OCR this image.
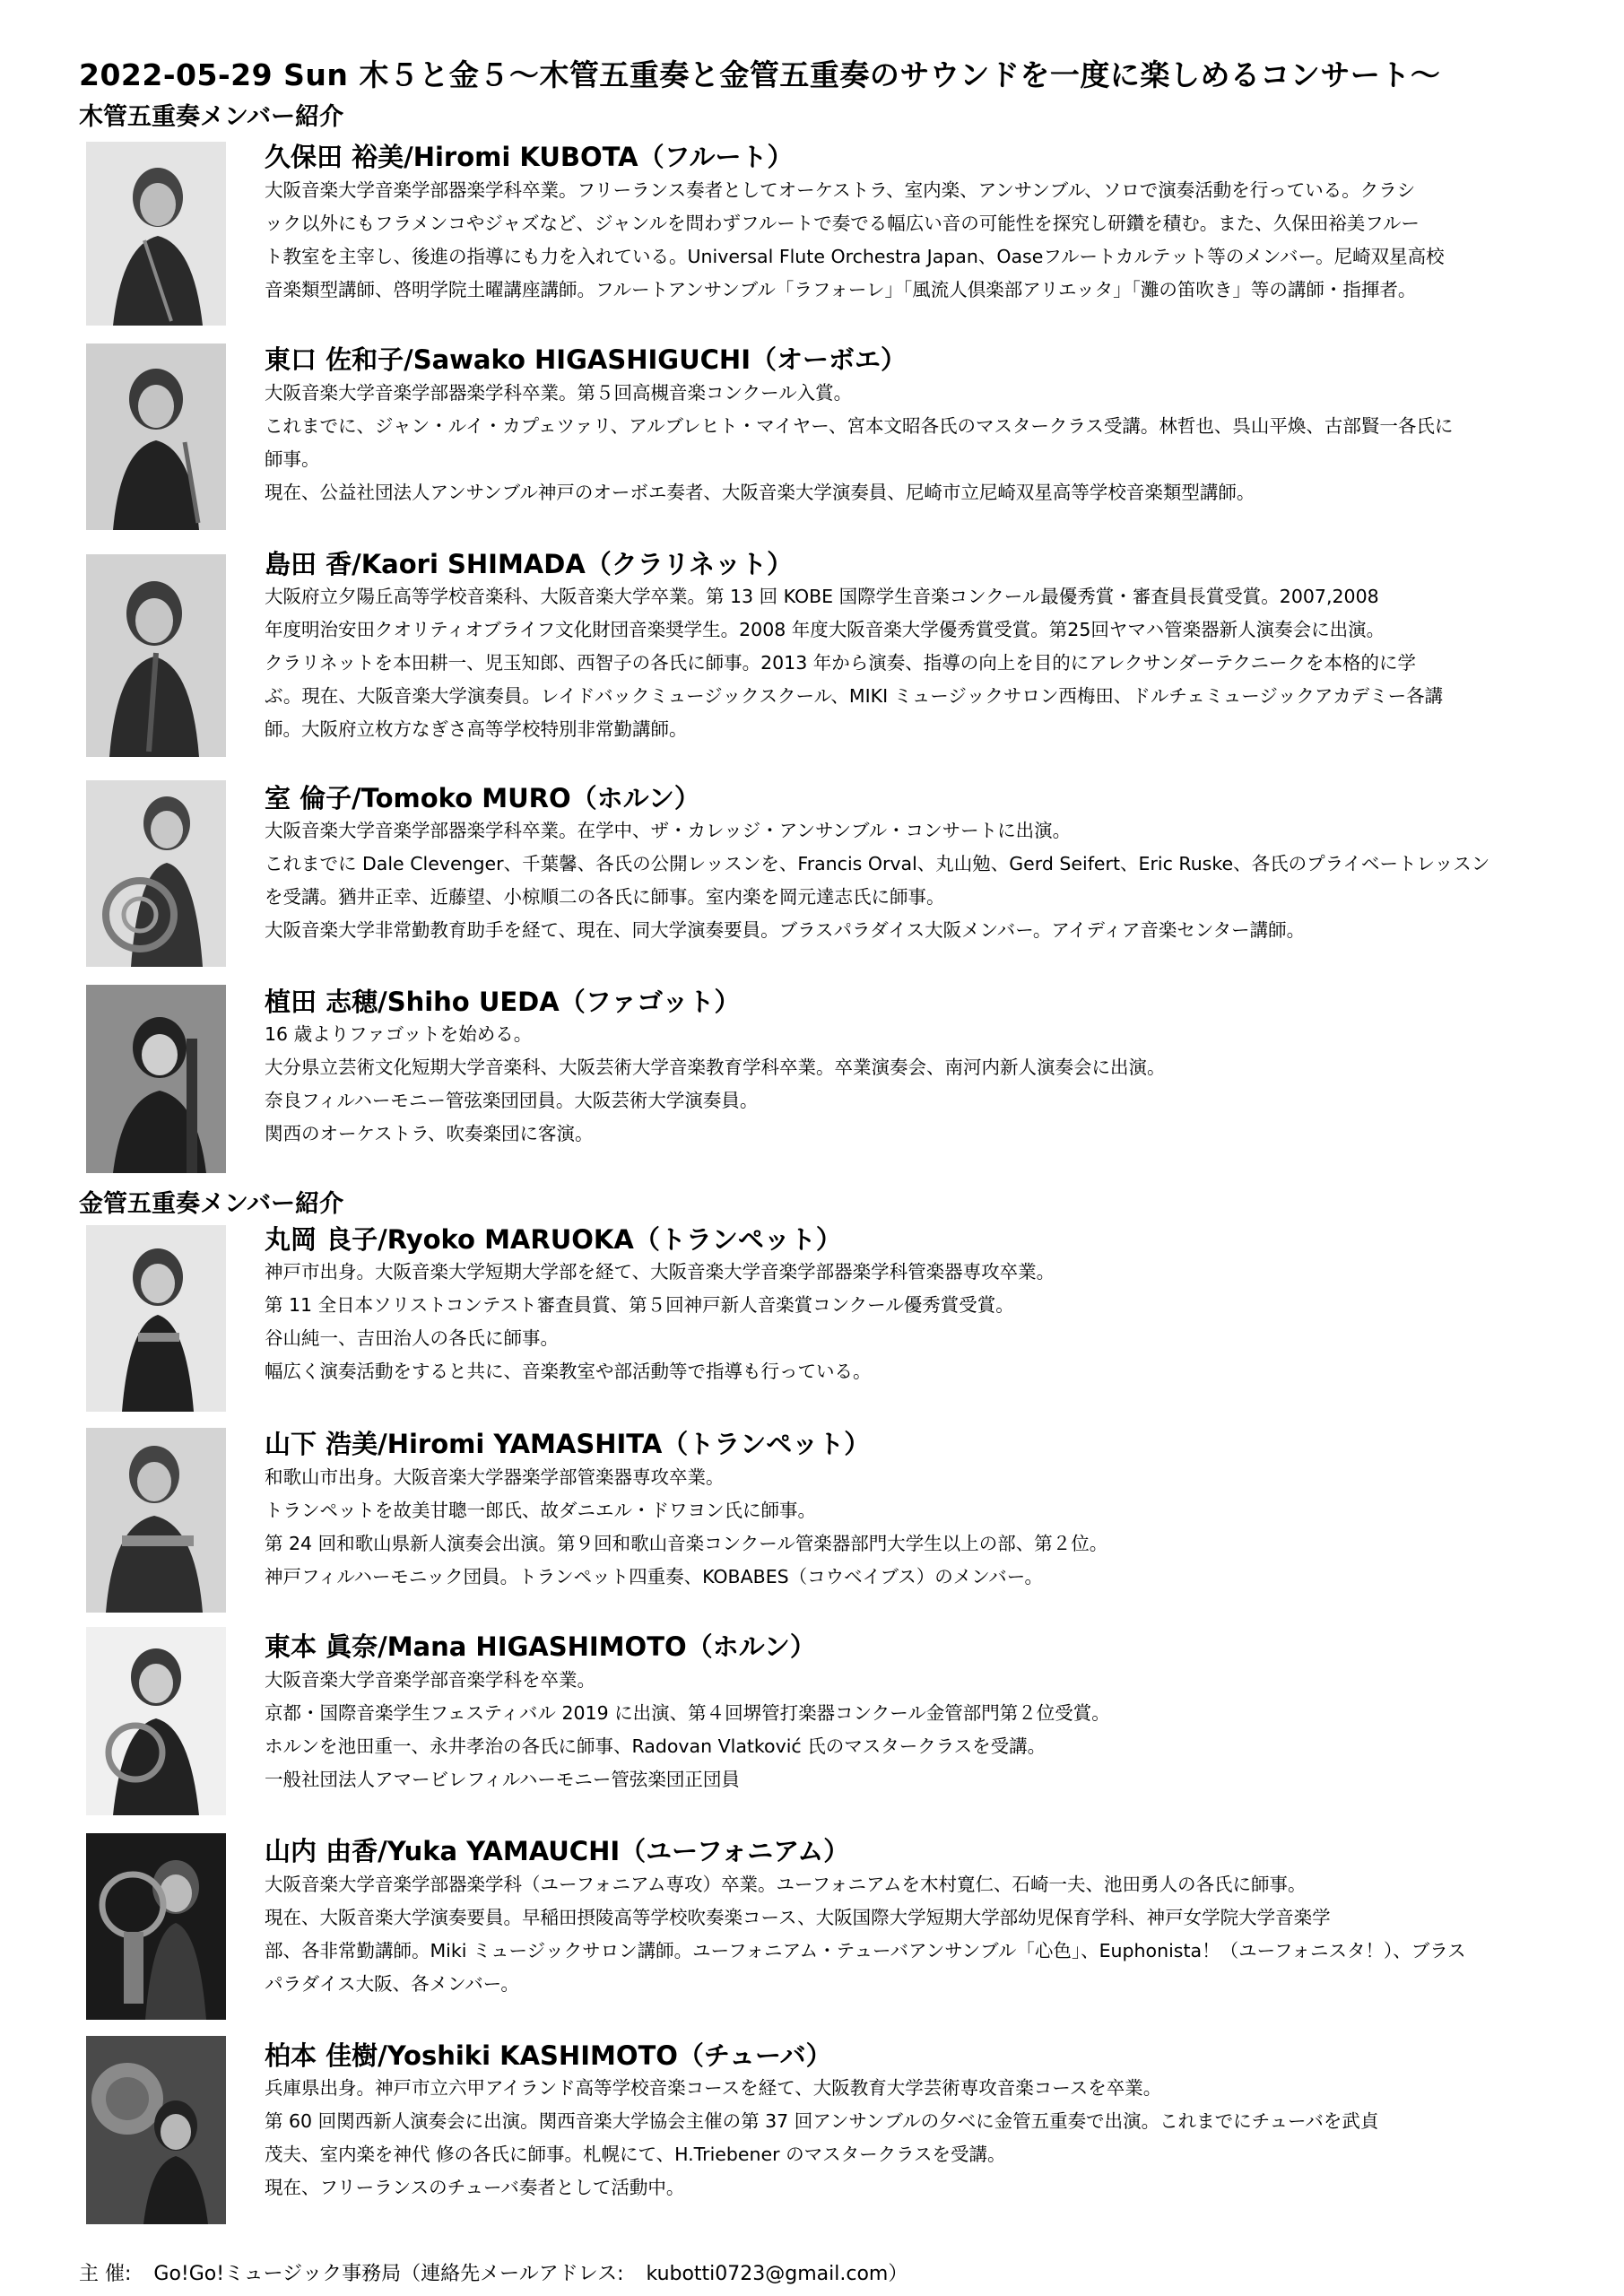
2022-05-29 Sun 木５と金５～木管五重奏と金管五重奏のサウンドを一度に楽しめるコンサート～
木管五重奏メンバー紹介
久保田 裕美/Hiromi KUBOTA（フルート）

大阪音楽大学音楽学部器楽学科卒業。フリーランス奏者としてオーケストラ、室内楽、アンサンブル、ソロで演奏活動を行っている。クラシ

ック以外にもフラメンコやジャズなど、ジャンルを問わずフルートで奏でる幅広い音の可能性を探究し研鑽を積む。また、久保田裕美フルー

ト教室を主宰し、後進の指導にも力を入れている。Universal Flute Orchestra Japan、Oaseフルートカルテット等のメンバー。尼崎双星高校

音楽類型講師、啓明学院土曜講座講師。フルートアンサンブル「ラフォーレ」「風流人倶楽部アリエッタ」「灘の笛吹き」等の講師・指揮者。

東口 佐和子/Sawako HIGASHIGUCHI（オーボエ）

大阪音楽大学音楽学部器楽学科卒業。第５回高槻音楽コンクール入賞。

これまでに、ジャン・ルイ・カプェツァリ、アルブレヒト・マイヤー、宮本文昭各氏のマスタークラス受講。林哲也、呉山平煥、古部賢一各氏に

師事。

現在、公益社団法人アンサンブル神戸のオーボエ奏者、大阪音楽大学演奏員、尼崎市立尼崎双星高等学校音楽類型講師。

島田 香/Kaori SHIMADA（クラリネット）

大阪府立夕陽丘高等学校音楽科、大阪音楽大学卒業。第 13 回 KOBE 国際学生音楽コンクール最優秀賞・審査員長賞受賞。2007,2008

年度明治安田クオリティオブライフ文化財団音楽奨学生。2008 年度大阪音楽大学優秀賞受賞。第25回ヤマハ管楽器新人演奏会に出演。

クラリネットを本田耕一、児玉知郎、西智子の各氏に師事。2013 年から演奏、指導の向上を目的にアレクサンダーテクニークを本格的に学

ぶ。現在、大阪音楽大学演奏員。レイドバックミュージックスクール、MIKI ミュージックサロン西梅田、ドルチェミュージックアカデミー各講

師。大阪府立枚方なぎさ高等学校特別非常勤講師。

室 倫子/Tomoko MURO（ホルン）

大阪音楽大学音楽学部器楽学科卒業。在学中、ザ・カレッジ・アンサンブル・コンサートに出演。

これまでに Dale Clevenger、千葉馨、各氏の公開レッスンを、Francis Orval、丸山勉、Gerd Seifert、Eric Ruske、各氏のプライベートレッスン

を受講。猶井正幸、近藤望、小椋順二の各氏に師事。室内楽を岡元達志氏に師事。

大阪音楽大学非常勤教育助手を経て、現在、同大学演奏要員。ブラスパラダイス大阪メンバー。アイディア音楽センター講師。

植田 志穂/Shiho UEDA（ファゴット）

16 歳よりファゴットを始める。

大分県立芸術文化短期大学音楽科、大阪芸術大学音楽教育学科卒業。卒業演奏会、南河内新人演奏会に出演。

奈良フィルハーモニー管弦楽団団員。大阪芸術大学演奏員。

関西のオーケストラ、吹奏楽団に客演。

金管五重奏メンバー紹介
丸岡 良子/Ryoko MARUOKA（トランペット）

神戸市出身。大阪音楽大学短期大学部を経て、大阪音楽大学音楽学部器楽学科管楽器専攻卒業。

第 11 全日本ソリストコンテスト審査員賞、第５回神戸新人音楽賞コンクール優秀賞受賞。

谷山純一、吉田治人の各氏に師事。

幅広く演奏活動をすると共に、音楽教室や部活動等で指導も行っている。

山下 浩美/Hiromi YAMASHITA（トランペット）

和歌山市出身。大阪音楽大学器楽学部管楽器専攻卒業。

トランペットを故美甘聰一郎氏、故ダニエル・ドワヨン氏に師事。

第 24 回和歌山県新人演奏会出演。第９回和歌山音楽コンクール管楽器部門大学生以上の部、第２位。

神戸フィルハーモニック団員。トランペット四重奏、KOBABES（コウベイブス）のメンバー。

東本 眞奈/Mana HIGASHIMOTO（ホルン）

大阪音楽大学音楽学部音楽学科を卒業。

京都・国際音楽学生フェスティバル 2019 に出演、第４回堺管打楽器コンクール金管部門第２位受賞。

ホルンを池田重一、永井孝治の各氏に師事、Radovan Vlatković 氏のマスタークラスを受講。

一般社団法人アマービレフィルハーモニー管弦楽団正団員

山内 由香/Yuka YAMAUCHI（ユーフォニアム）

大阪音楽大学音楽学部器楽学科（ユーフォニアム専攻）卒業。ユーフォニアムを木村寛仁、石崎一夫、池田勇人の各氏に師事。

現在、大阪音楽大学演奏要員。早稲田摂陵高等学校吹奏楽コース、大阪国際大学短期大学部幼児保育学科、神戸女学院大学音楽学

部、各非常勤講師。Miki ミュージックサロン講師。ユーフォニアム・テューバアンサンブル「心色」、Euphonista！（ユーフォニスタ！）、ブラス

パラダイス大阪、各メンバー。

柏本 佳樹/Yoshiki KASHIMOTO（チューバ）

兵庫県出身。神戸市立六甲アイランド高等学校音楽コースを経て、大阪教育大学芸術専攻音楽コースを卒業。

第 60 回関西新人演奏会に出演。関西音楽大学協会主催の第 37 回アンサンブルの夕べに金管五重奏で出演。これまでにチューバを武貞

茂夫、室内楽を神代 修の各氏に師事。札幌にて、H.Triebener のマスタークラスを受講。

現在、フリーランスのチューバ奏者として活動中。

主 催: Go!Go!ミュージック事務局（連絡先メールアドレス: kubotti0723@gmail.com）
